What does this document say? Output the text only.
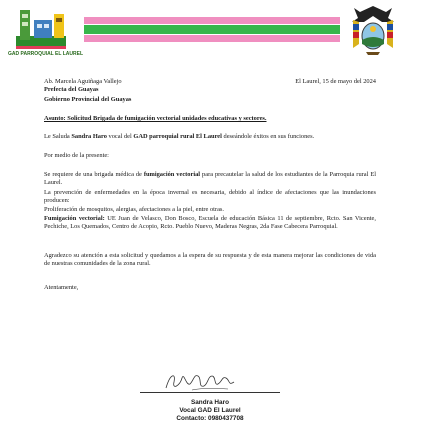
GAD PARROQUIAL EL LAUREL
Ab. Marcela Aguiñaga Vallejo
Prefecta del Guayas
Gobierno Provincial del Guayas
El Laurel, 15 de mayo del 2024
Asunto: Solicitud Brigada de fumigación vectorial unidades educativas y sectores.
Le Saluda Sandra Haro vocal del GAD parroquial rural El Laurel deseándole éxitos en sus funciones.
Por medio de la presente:
Se requiere de una brigada médica de fumigación vectorial para precautelar la salud de los estudiantes de la Parroquia rural El Laurel.
La prevención de enfermedades en la época invernal es necesaria, debido al índice de afectaciones que las inundaciones producen:
Proliferación de mosquitos, alergias, afectaciones a la piel, entre otras.
Fumigación vectorial: UE Juan de Velasco, Don Bosco, Escuela de educación Básica 11 de septiembre, Rcto. San Vicente, Pechiche, Los Quemados, Centro de Acopio, Rcto. Pueblo Nuevo, Maderas Negras, 2da Fase Cabecera Parroquial.
Agradezco su atención a esta solicitud y quedamos a la espera de su respuesta y de esta manera mejorar las condiciones de vida de nuestras comunidades de la zona rural.
Atentamente,
Sandra Haro
Vocal GAD El Laurel
Contacto: 0980437708
